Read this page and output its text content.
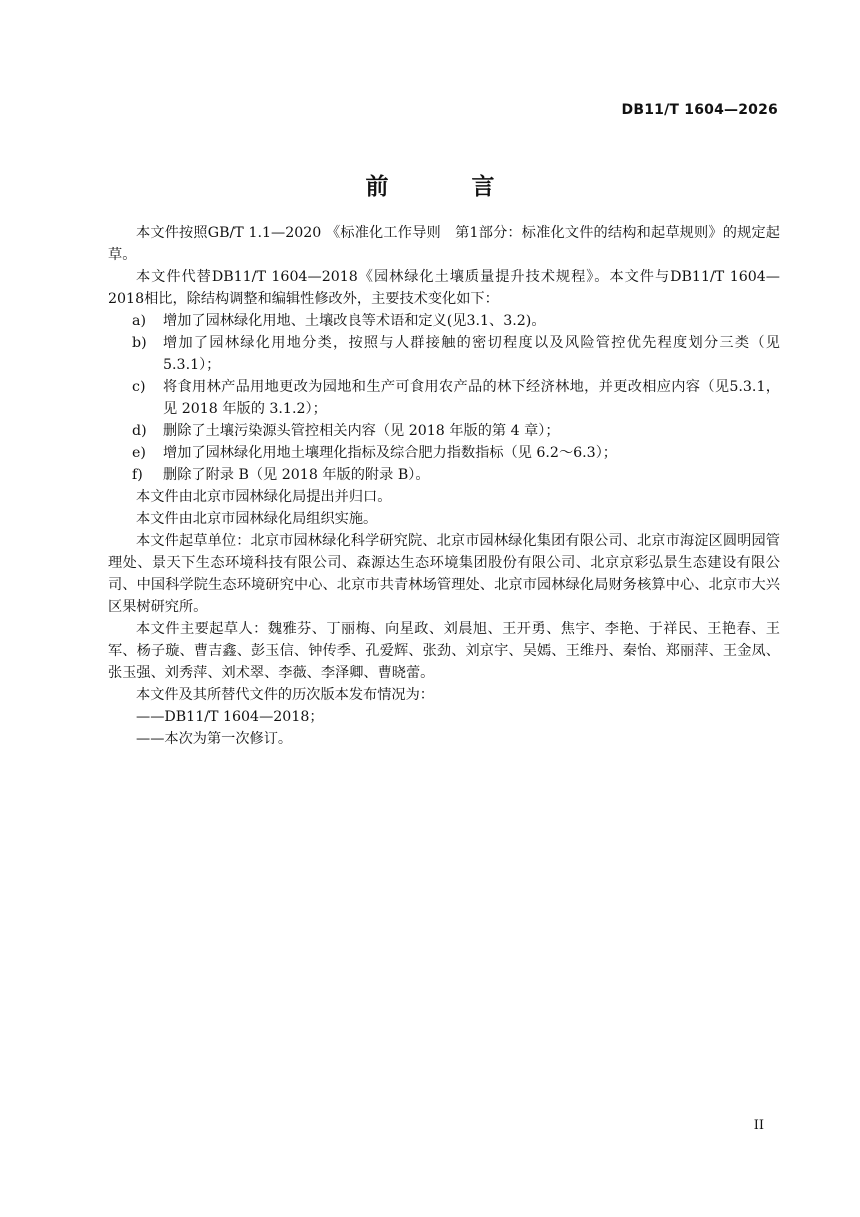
DB11/T 1604—2026
前　言

本文件按照GB/T 1.1—2020 《标准化工作导则　第1部分：标准化文件的结构和起草规则》的规定起草。

本文件代替DB11/T 1604—2018《园林绿化土壤质量提升技术规程》。本文件与DB11/T 1604—2018相比，除结构调整和编辑性修改外，主要技术变化如下：

a)	增加了园林绿化用地、土壤改良等术语和定义(见3.1、3.2)。
b)	增加了园林绿化用地分类，按照与人群接触的密切程度以及风险管控优先程度划分三类（见5.3.1）；
c)	将食用林产品用地更改为园地和生产可食用农产品的林下经济林地，并更改相应内容（见5.3.1，见 2018 年版的 3.1.2）；
d)	删除了土壤污染源头管控相关内容（见 2018 年版的第 4 章）；
e)	增加了园林绿化用地土壤理化指标及综合肥力指数指标（见 6.2～6.3）；
f)	删除了附录 B（见 2018 年版的附录 B）。

本文件由北京市园林绿化局提出并归口。

本文件由北京市园林绿化局组织实施。

本文件起草单位：北京市园林绿化科学研究院、北京市园林绿化集团有限公司、北京市海淀区圆明园管理处、景天下生态环境科技有限公司、森源达生态环境集团股份有限公司、北京京彩弘景生态建设有限公司、中国科学院生态环境研究中心、北京市共青林场管理处、北京市园林绿化局财务核算中心、北京市大兴区果树研究所。

本文件主要起草人：魏雅芬、丁丽梅、向星政、刘晨旭、王开勇、焦宇、李艳、于祥民、王艳春、王军、杨子璇、曹吉鑫、彭玉信、钟传季、孔爱辉、张劲、刘京宇、吴嫣、王维丹、秦怡、郑丽萍、王金凤、张玉强、刘秀萍、刘术翠、李薇、李泽卿、曹晓蕾。

本文件及其所替代文件的历次版本发布情况为：

——DB11/T 1604—2018；

——本次为第一次修订。

II
